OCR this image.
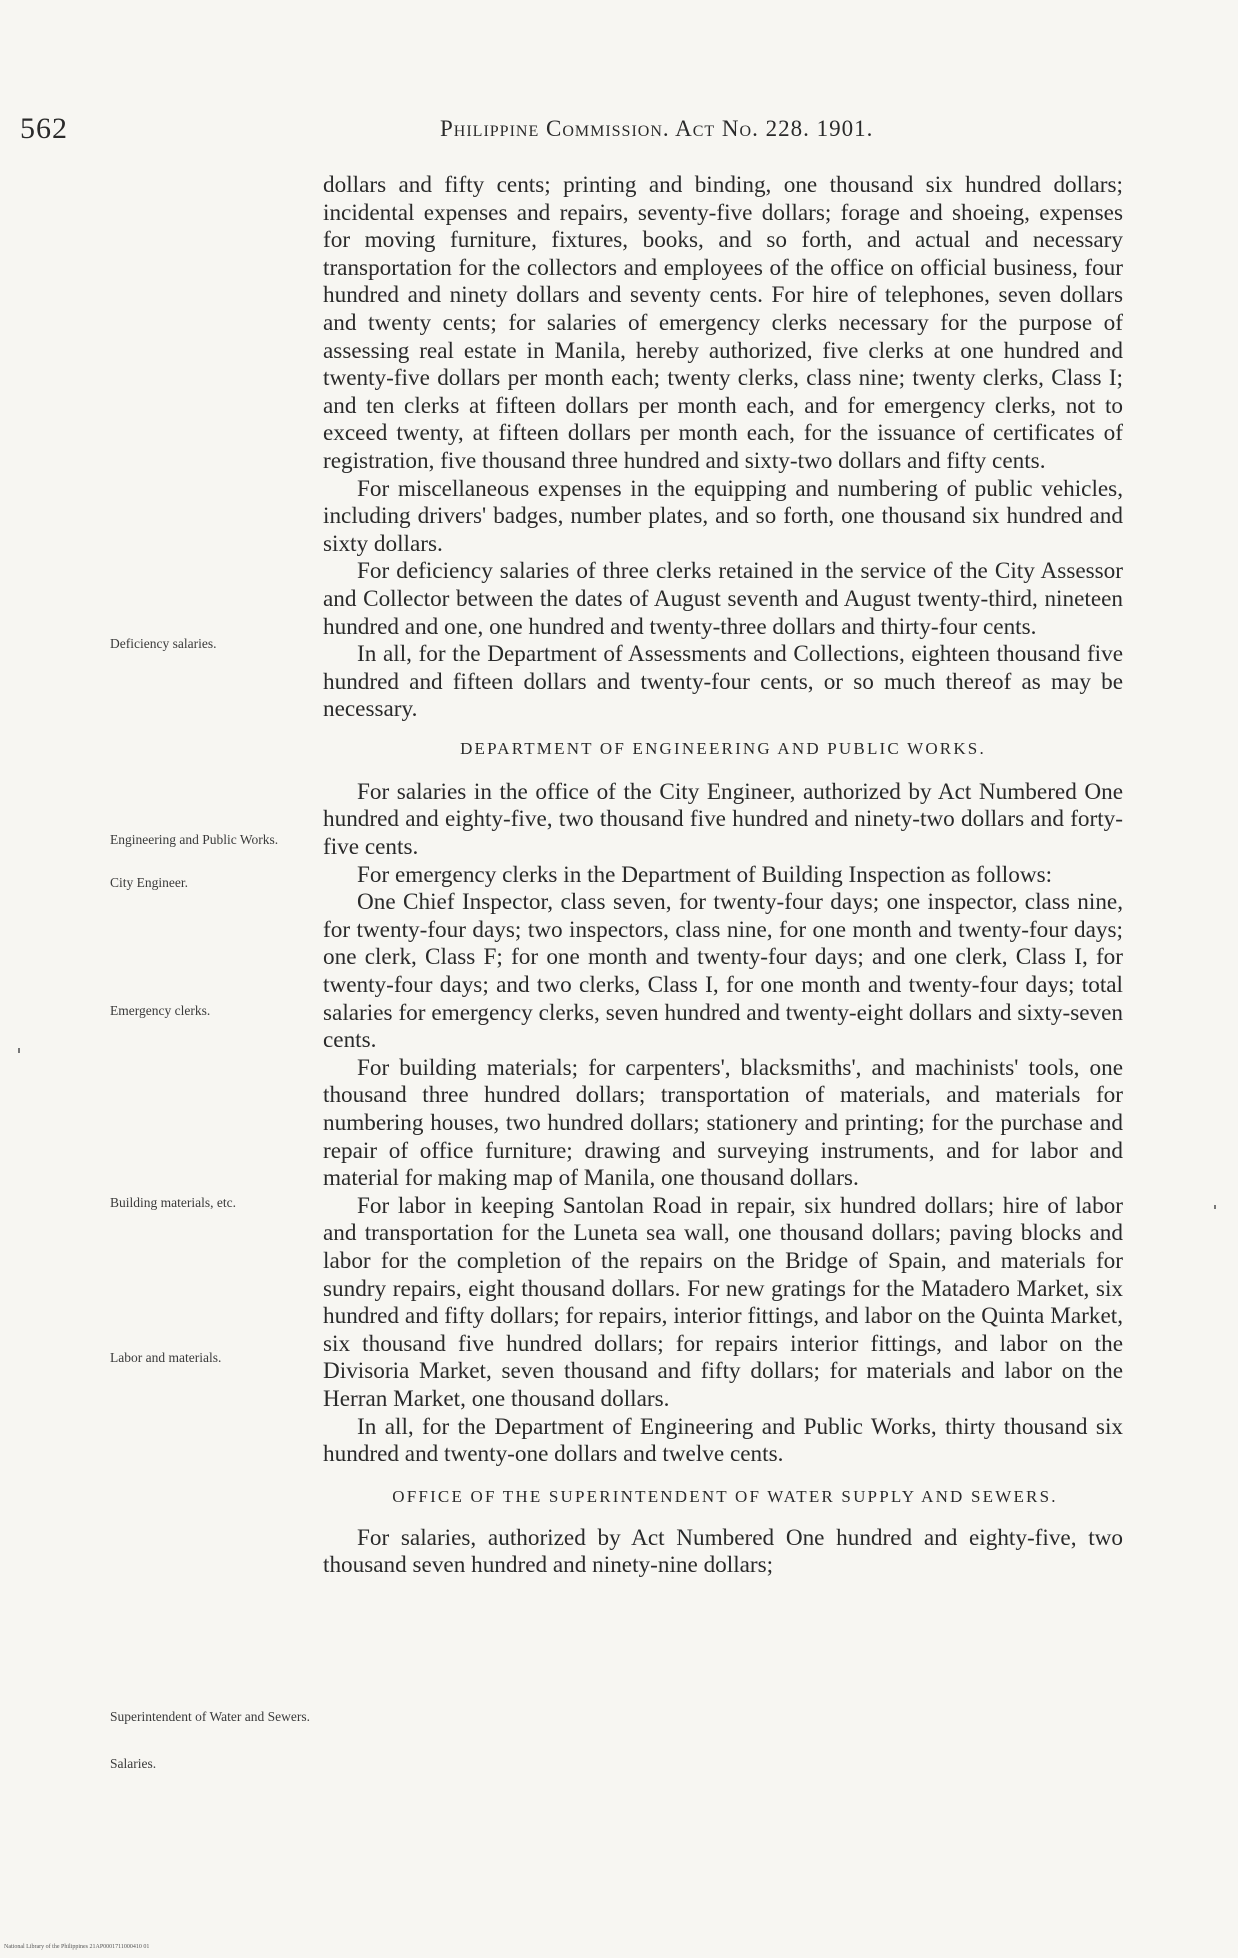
562	Philippine Commission. Act No. 228. 1901.
Deficiency salaries.
Engineering and Public Works.
City Engineer.
Emergency clerks.
Building materials, etc.
Labor and materials.
Superintendent of Water and Sewers.
Salaries.

dollars and fifty cents; printing and binding, one thousand six hundred dollars; incidental expenses and repairs, seventy-five dollars; forage and shoeing, expenses for moving furniture, fixtures, books, and so forth, and actual and necessary transportation for the collectors and employees of the office on official business, four hundred and ninety dollars and seventy cents. For hire of telephones, seven dollars and twenty cents; for salaries of emergency clerks necessary for the purpose of assessing real estate in Manila, hereby authorized, five clerks at one hundred and twenty-five dollars per month each; twenty clerks, class nine; twenty clerks, Class I; and ten clerks at fifteen dollars per month each, and for emergency clerks, not to exceed twenty, at fifteen dollars per month each, for the issuance of certificates of registration, five thousand three hundred and sixty-two dollars and fifty cents.

For miscellaneous expenses in the equipping and numbering of public vehicles, including drivers' badges, number plates, and so forth, one thousand six hundred and sixty dollars.

For deficiency salaries of three clerks retained in the service of the City Assessor and Collector between the dates of August seventh and August twenty-third, nineteen hundred and one, one hundred and twenty-three dollars and thirty-four cents.

In all, for the Department of Assessments and Collections, eighteen thousand five hundred and fifteen dollars and twenty-four cents, or so much thereof as may be necessary.

DEPARTMENT OF ENGINEERING AND PUBLIC WORKS.

For salaries in the office of the City Engineer, authorized by Act Numbered One hundred and eighty-five, two thousand five hundred and ninety-two dollars and forty-five cents.

For emergency clerks in the Department of Building Inspection as follows:

One Chief Inspector, class seven, for twenty-four days; one inspector, class nine, for twenty-four days; two inspectors, class nine, for one month and twenty-four days; one clerk, Class F; for one month and twenty-four days; and one clerk, Class I, for twenty-four days; and two clerks, Class I, for one month and twenty-four days; total salaries for emergency clerks, seven hundred and twenty-eight dollars and sixty-seven cents.

For building materials; for carpenters', blacksmiths', and machinists' tools, one thousand three hundred dollars; transportation of materials, and materials for numbering houses, two hundred dollars; stationery and printing; for the purchase and repair of office furniture; drawing and surveying instruments, and for labor and material for making map of Manila, one thousand dollars.

For labor in keeping Santolan Road in repair, six hundred dollars; hire of labor and transportation for the Luneta sea wall, one thousand dollars; paving blocks and labor for the completion of the repairs on the Bridge of Spain, and materials for sundry repairs, eight thousand dollars. For new gratings for the Matadero Market, six hundred and fifty dollars; for repairs, interior fittings, and labor on the Quinta Market, six thousand five hundred dollars; for repairs interior fittings, and labor on the Divisoria Market, seven thousand and fifty dollars; for materials and labor on the Herran Market, one thousand dollars.

In all, for the Department of Engineering and Public Works, thirty thousand six hundred and twenty-one dollars and twelve cents.

OFFICE OF THE SUPERINTENDENT OF WATER SUPPLY AND SEWERS.

For salaries, authorized by Act Numbered One hundred and eighty-five, two thousand seven hundred and ninety-nine dollars;

National Library of the Philippines 21AP0001711000410 01
